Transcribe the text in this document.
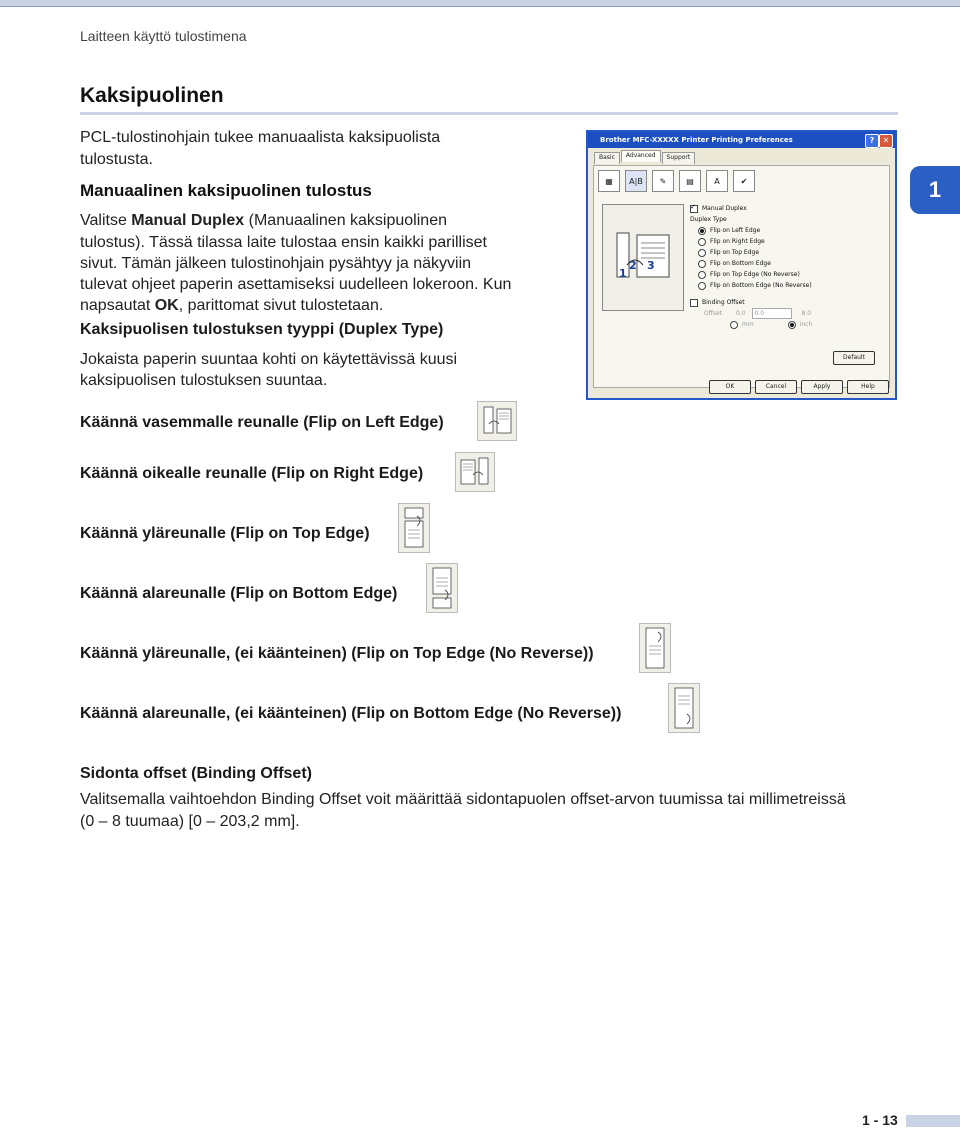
Laitteen käyttö tulostimena
Kaksipuolinen
1
PCL-tulostinohjain tukee manuaalista kaksipuolista
tulostusta.
Manuaalinen kaksipuolinen tulostus
Valitse Manual Duplex (Manuaalinen kaksipuolinen
tulostus). Tässä tilassa laite tulostaa ensin kaikki parilliset
sivut. Tämän jälkeen tulostinohjain pysähtyy ja näkyviin
tulevat ohjeet paperin asettamiseksi uudelleen lokeroon. Kun
napsautat OK, parittomat sivut tulostetaan.
Kaksipuolisen tulostuksen tyyppi (Duplex Type)
Jokaista paperin suuntaa kohti on käytettävissä kuusi
kaksipuolisen tulostuksen suuntaa.
Käännä vasemmalle reunalle (Flip on Left Edge)
Käännä oikealle reunalle (Flip on Right Edge)
Käännä yläreunalle (Flip on Top Edge)
Käännä alareunalle (Flip on Bottom Edge)
Käännä yläreunalle, (ei käänteinen) (Flip on Top Edge (No Reverse))
Käännä alareunalle, (ei käänteinen) (Flip on Bottom Edge (No Reverse))
Sidonta offset (Binding Offset)
Valitsemalla vaihtoehdon Binding Offset voit määrittää sidontapuolen offset-arvon tuumissa tai millimetreissä
(0 – 8 tuumaa) [0 – 203,2 mm].
Brother MFC-XXXXX Printer Printing Preferences	?	✕
Basic	Advanced	Support
▦	A|B	✎	▤	A	✔
1
2 3
✓
Manual Duplex
Duplex Type
Flip on Left Edge
Flip on Right Edge
Flip on Top Edge
Flip on Bottom Edge
Flip on Top Edge (No Reverse)
Flip on Bottom Edge (No Reverse)
Binding Offset
Offset 0.0	0.0	8.0
mm	inch
Default
OK	Cancel	Apply	Help
1 - 13
